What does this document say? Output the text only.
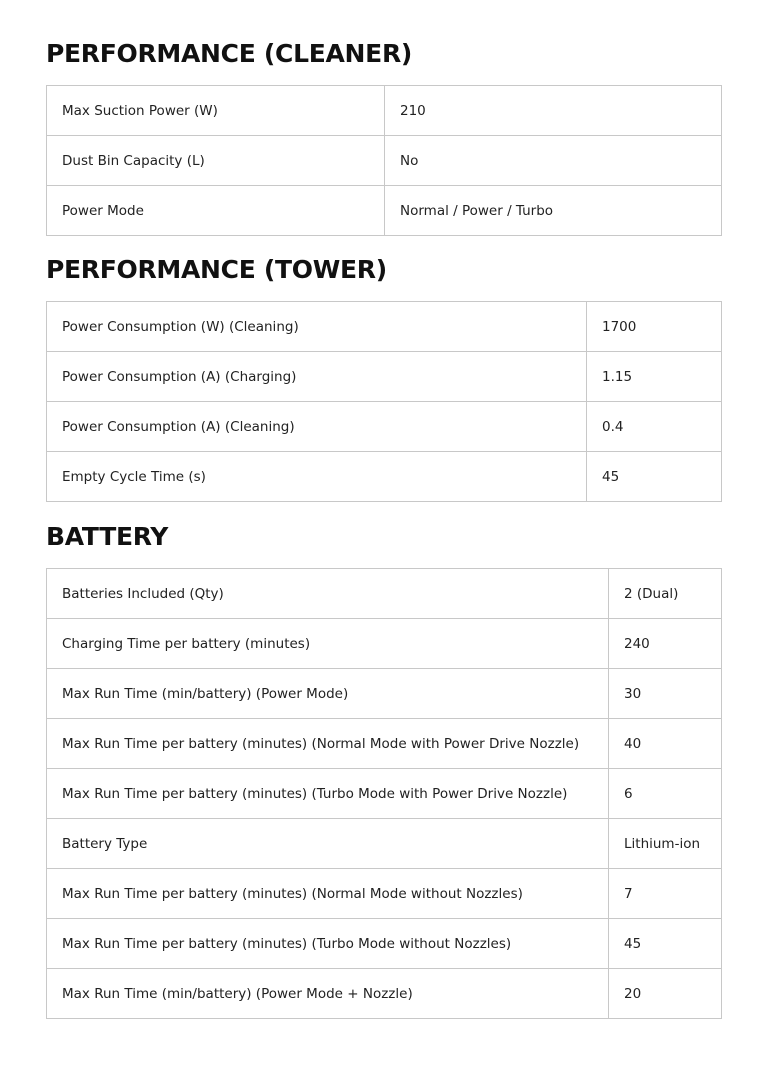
PERFORMANCE (CLEANER)
Max Suction Power (W)	210
Dust Bin Capacity (L)	No
Power Mode	Normal / Power / Turbo
PERFORMANCE (TOWER)
Power Consumption (W) (Cleaning)	1700
Power Consumption (A) (Charging)	1.15
Power Consumption (A) (Cleaning)	0.4
Empty Cycle Time (s)	45
BATTERY
Batteries Included (Qty)	2 (Dual)
Charging Time per battery (minutes)	240
Max Run Time (min/battery) (Power Mode)	30
Max Run Time per battery (minutes) (Normal Mode with Power Drive Nozzle)	40
Max Run Time per battery (minutes) (Turbo Mode with Power Drive Nozzle)	6
Battery Type	Lithium-ion
Max Run Time per battery (minutes) (Normal Mode without Nozzles)	7
Max Run Time per battery (minutes) (Turbo Mode without Nozzles)	45
Max Run Time (min/battery) (Power Mode + Nozzle)	20
